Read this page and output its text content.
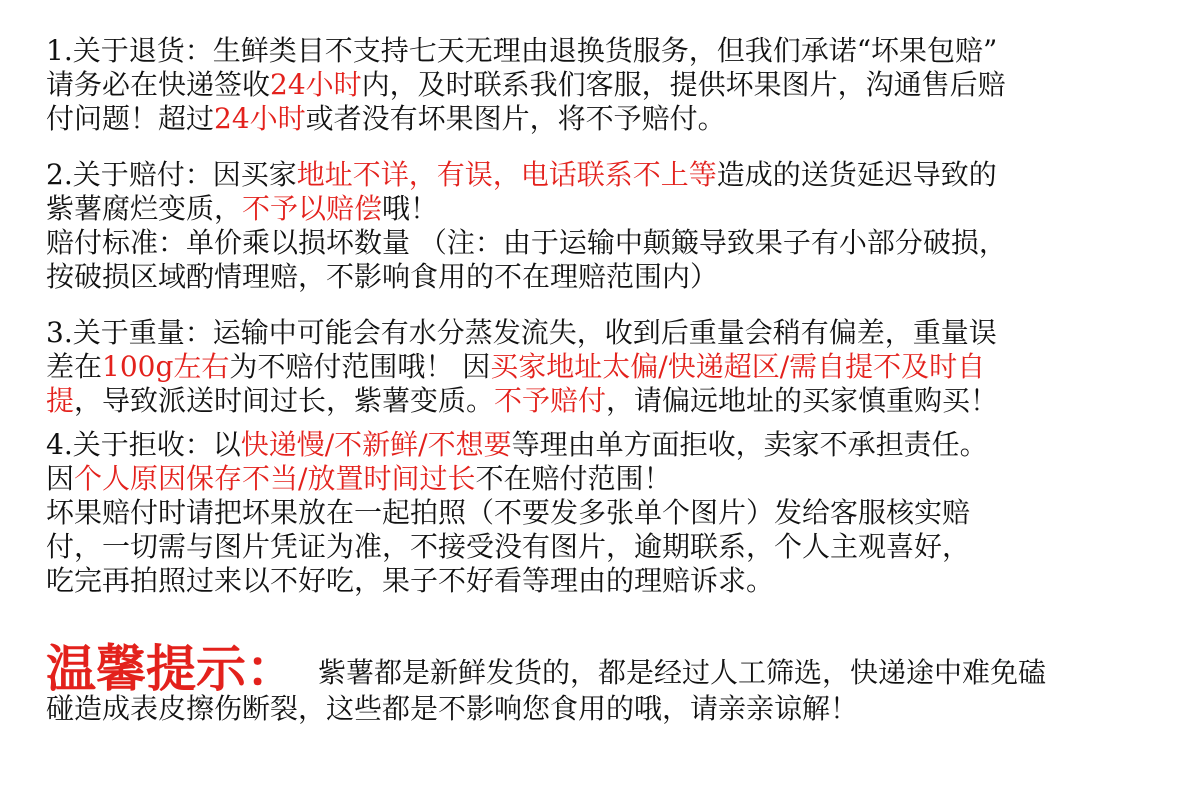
1.关于退货：生鲜类目不支持七天无理由退换货服务，但我们承诺“坏果包赔”
请务必在快递签收24小时内，及时联系我们客服，提供坏果图片，沟通售后赔
付问题！超过24小时或者没有坏果图片，将不予赔付。
2.关于赔付：因买家地址不详，有误，电话联系不上等造成的送货延迟导致的
紫薯腐烂变质，不予以赔偿哦！
赔付标准：单价乘以损坏数量 （注：由于运输中颠簸导致果子有小部分破损，
按破损区域酌情理赔，不影响食用的不在理赔范围内）
3.关于重量：运输中可能会有水分蒸发流失，收到后重量会稍有偏差，重量误
差在100g左右为不赔付范围哦！ 因买家地址太偏/快递超区/需自提不及时自
提，导致派送时间过长，紫薯变质。不予赔付，请偏远地址的买家慎重购买！
4.关于拒收：以快递慢/不新鲜/不想要等理由单方面拒收，卖家不承担责任。
因个人原因保存不当/放置时间过长不在赔付范围！
坏果赔付时请把坏果放在一起拍照（不要发多张单个图片）发给客服核实赔
付，一切需与图片凭证为准，不接受没有图片，逾期联系，个人主观喜好，
吃完再拍照过来以不好吃，果子不好看等理由的理赔诉求。
温馨提示： 紫薯都是新鲜发货的，都是经过人工筛选，快递途中难免磕
碰造成表皮擦伤断裂，这些都是不影响您食用的哦，请亲亲谅解！
